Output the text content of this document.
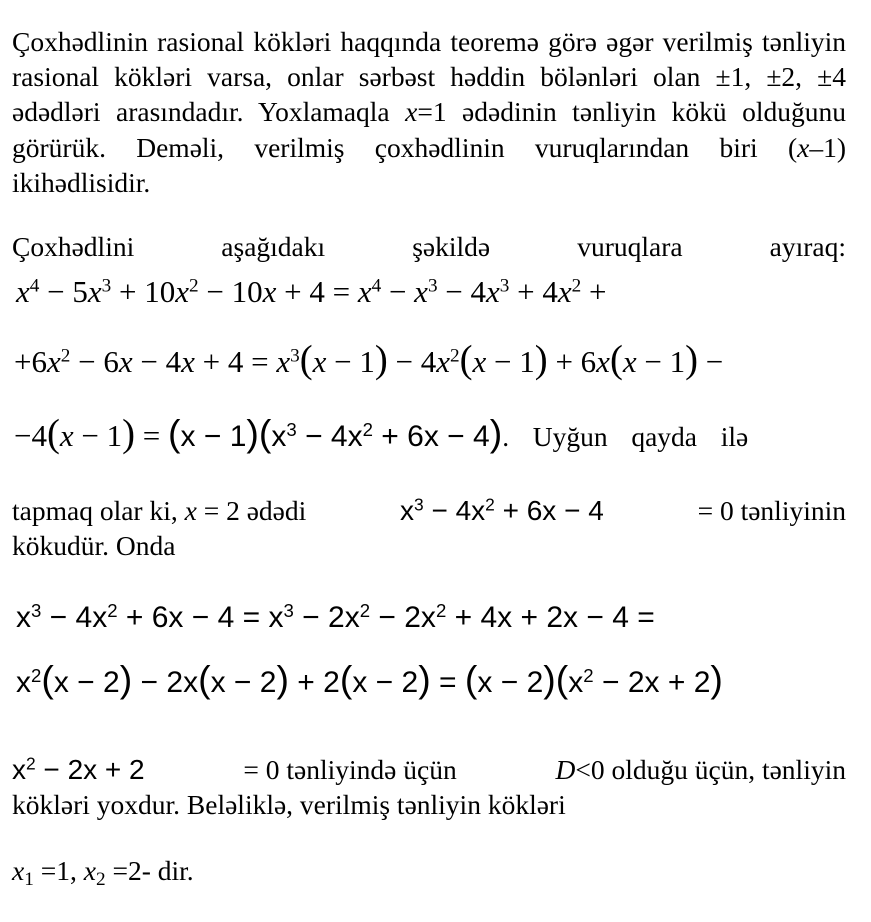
Çoxhədlinin rasional kökləri haqqında teoremə görə əgər verilmiş tənliyin rasional kökləri varsa, onlar sərbəst həddin bölənləri olan ±1, ±2, ±4 ədədləri arasındadır. Yoxlamaqla x=1 ədədinin tənliyin kökü olduğunu görürük. Deməli, verilmiş çoxhədlinin vuruqlarından biri (x–1) ikihədlisidir.
Çoxhədlini aşağıdakı şəkildə vuruqlara ayıraq:
$x^4 - 5x^3 + 10x^2 - 10x + 4 = x^4 - x^3 - 4x^3 + 4x^2$ +
$+6x^2 - 6x - 4x + 4 = x^3(x - 1) - 4x^2(x - 1) + 6x(x - 1)$ −
$-4(x - 1) = (x - 1)(x^3 - 4x^2 + 6x - 4)$. Uyğun qayda ilə
tapmaq olar ki, x = 2 ədədi	$x^3 - 4x^2 + 6x - 4$	= 0 tənliyinin
kökudür. Onda
$x^3 - 4x^2 + 6x - 4 = x^3 - 2x^2 - 2x^2 + 4x + 2x - 4$ =
$x^2(x - 2) - 2x(x - 2) + 2(x - 2) = (x - 2)(x^2 - 2x + 2)$
$x^2 - 2x + 2$	= 0 tənliyində üçün	D<0 olduğu üçün, tənliyin
kökləri yoxdur. Beləliklə, verilmiş tənliyin kökləri
$x_1 =1$, $x_2 =2-$ dir.
